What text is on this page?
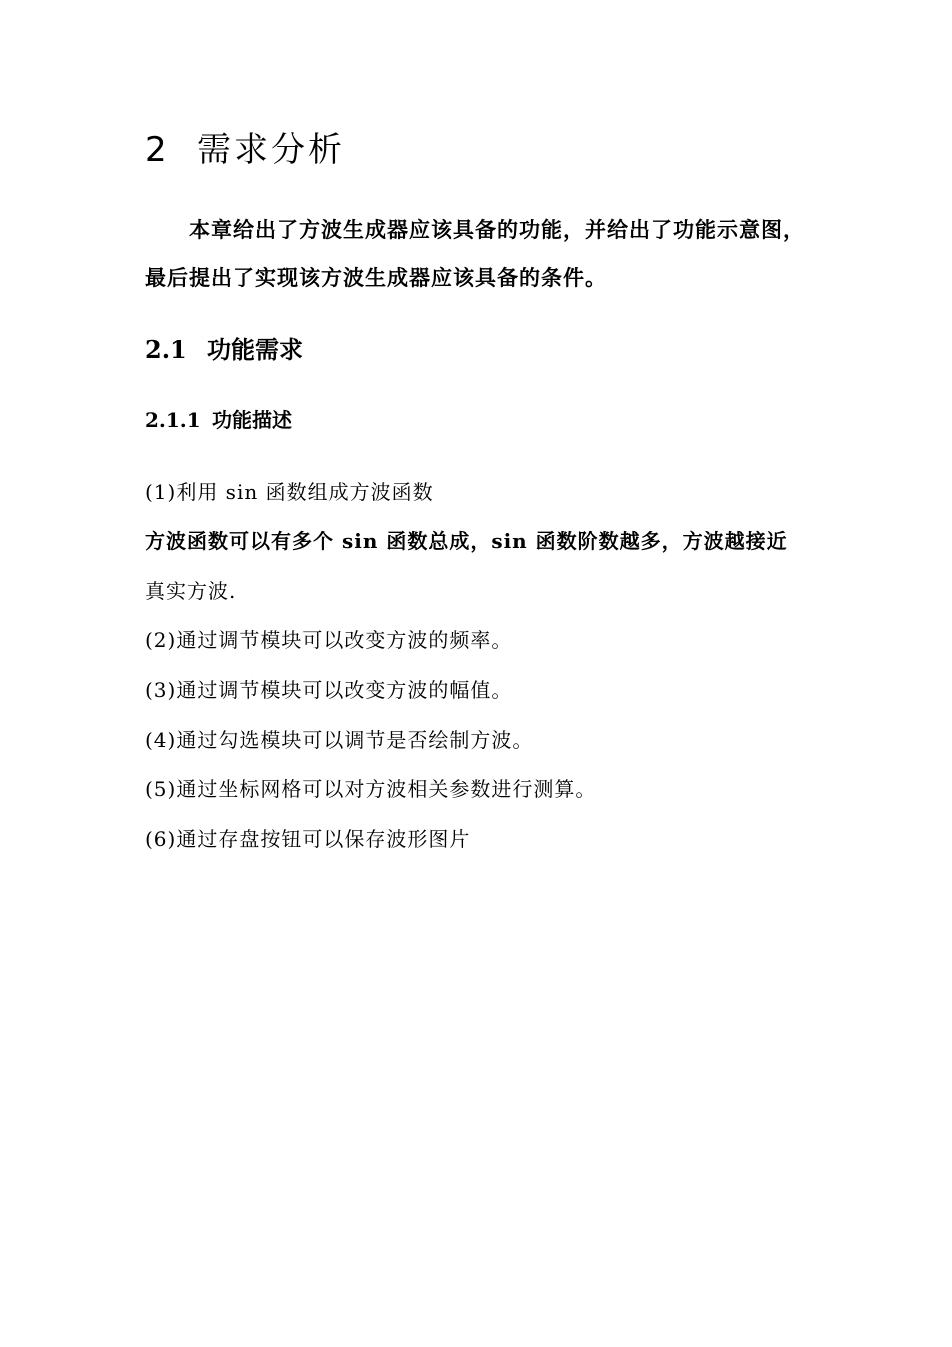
2 需求分析
本章给出了方波生成器应该具备的功能，并给出了功能示意图，最后提出了实现该方波生成器应该具备的条件。
2.1 功能需求
2.1.1 功能描述
(1)利用 sin 函数组成方波函数
方波函数可以有多个 sin 函数总成，sin 函数阶数越多，方波越接近
真实方波.
(2)通过调节模块可以改变方波的频率。
(3)通过调节模块可以改变方波的幅值。
(4)通过勾选模块可以调节是否绘制方波。
(5)通过坐标网格可以对方波相关参数进行测算。
(6)通过存盘按钮可以保存波形图片
